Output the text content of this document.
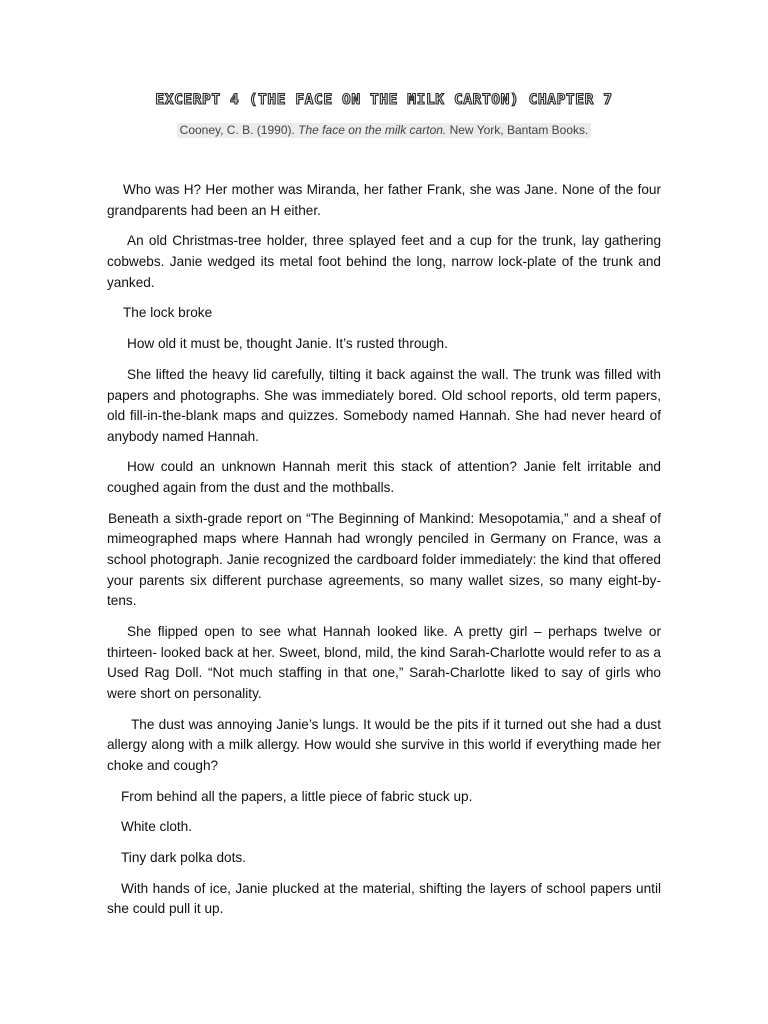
EXCERPT 4 (THE FACE ON THE MILK CARTON) CHAPTER 7
Cooney, C. B. (1990). The face on the milk carton. New York, Bantam Books.

Who was H? Her mother was Miranda, her father Frank, she was Jane. None of the four grandparents had been an H either.

An old Christmas-tree holder, three splayed feet and a cup for the trunk, lay gathering cobwebs. Janie wedged its metal foot behind the long, narrow lock-plate of the trunk and yanked.

The lock broke

How old it must be, thought Janie. It’s rusted through.

She lifted the heavy lid carefully, tilting it back against the wall. The trunk was filled with papers and photographs. She was immediately bored. Old school reports, old term papers, old fill-in-the-blank maps and quizzes. Somebody named Hannah. She had never heard of anybody named Hannah.

How could an unknown Hannah merit this stack of attention? Janie felt irritable and coughed again from the dust and the mothballs.

Beneath a sixth-grade report on “The Beginning of Mankind: Mesopotamia,” and a sheaf of mimeographed maps where Hannah had wrongly penciled in Germany on France, was a school photograph. Janie recognized the cardboard folder immediately: the kind that offered your parents six different purchase agreements, so many wallet sizes, so many eight-by-tens.

She flipped open to see what Hannah looked like. A pretty girl – perhaps twelve or thirteen- looked back at her. Sweet, blond, mild, the kind Sarah-Charlotte would refer to as a Used Rag Doll. “Not much staffing in that one,” Sarah-Charlotte liked to say of girls who were short on personality.

The dust was annoying Janie’s lungs. It would be the pits if it turned out she had a dust allergy along with a milk allergy. How would she survive in this world if everything made her choke and cough?

From behind all the papers, a little piece of fabric stuck up.

White cloth.

Tiny dark polka dots.

With hands of ice, Janie plucked at the material, shifting the layers of school papers until she could pull it up.
